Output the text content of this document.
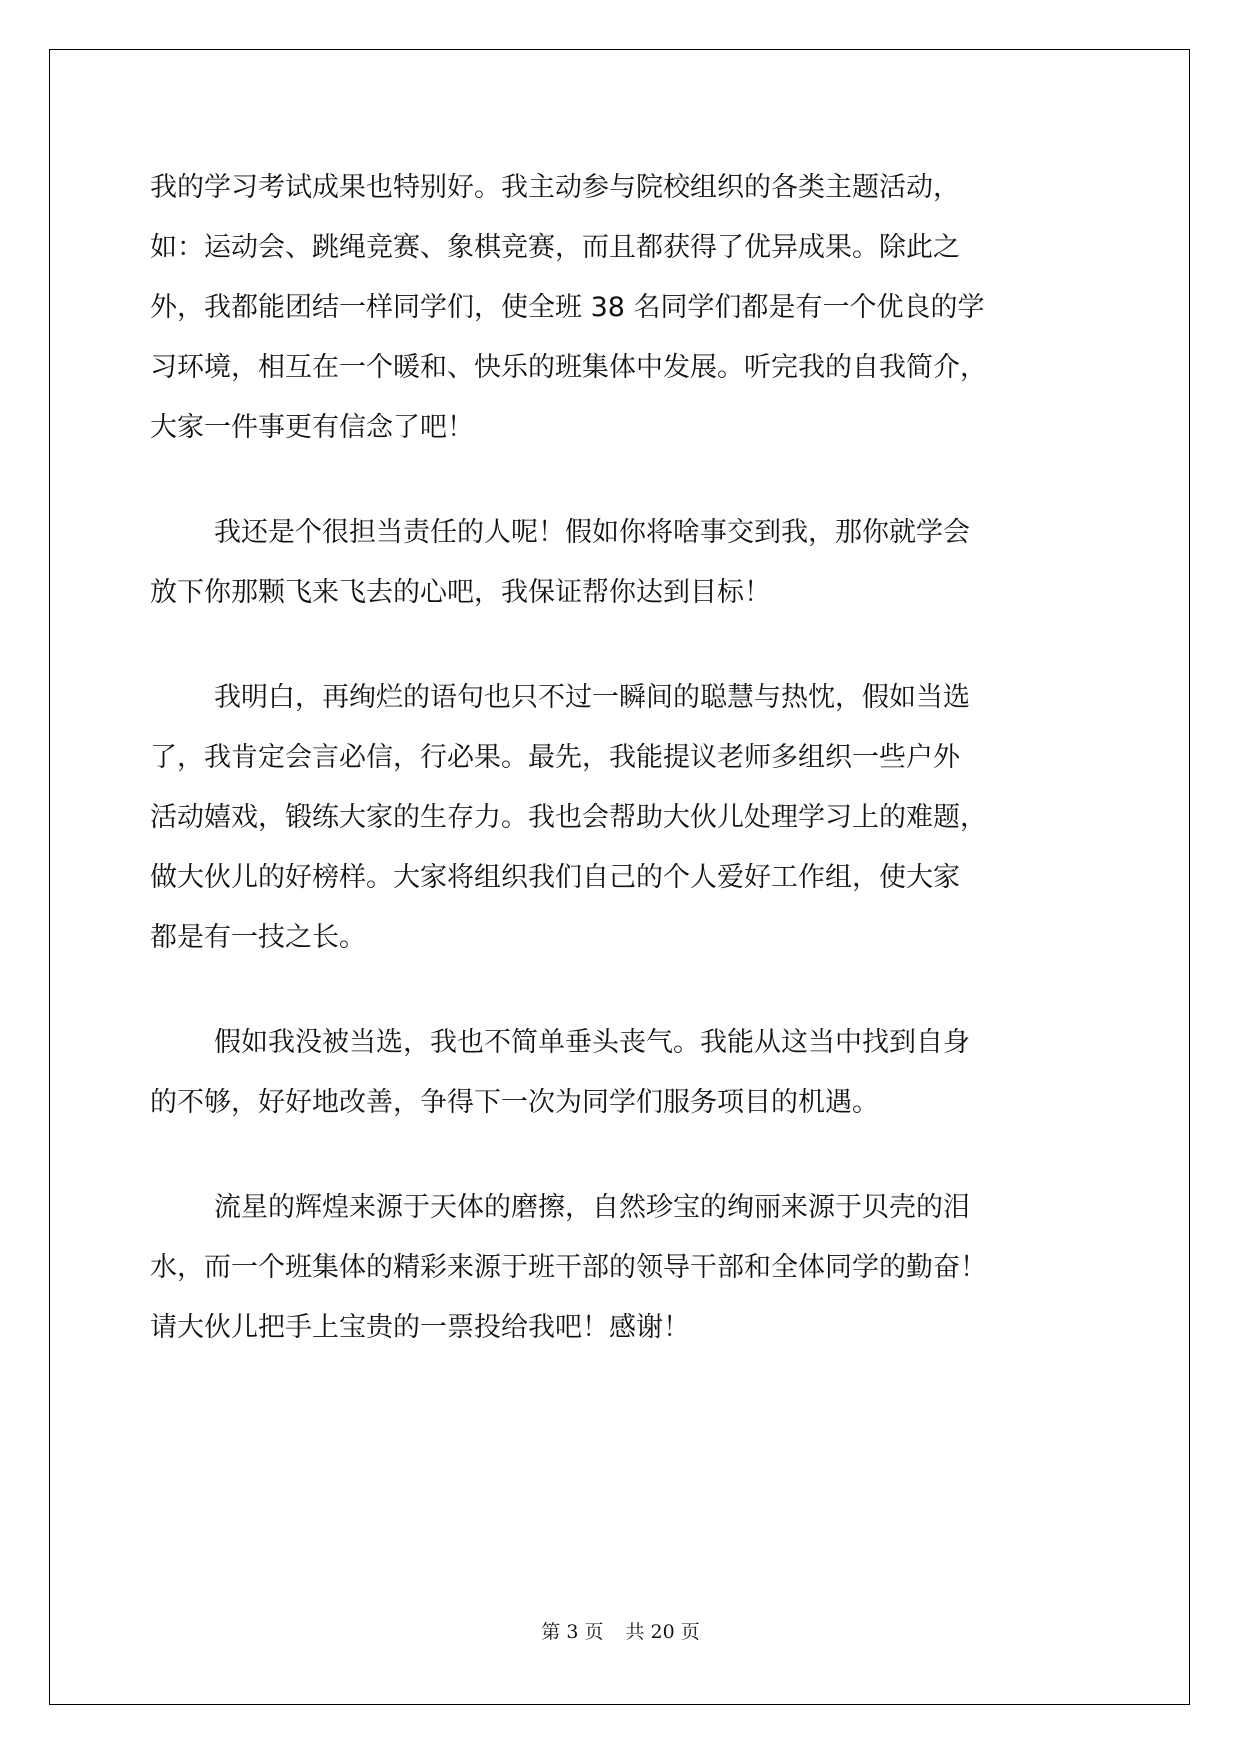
我的学习考试成果也特别好。我主动参与院校组织的各类主题活动，
如：运动会、跳绳竞赛、象棋竞赛，而且都获得了优异成果。除此之
外，我都能团结一样同学们，使全班 38 名同学们都是有一个优良的学
习环境，相互在一个暖和、快乐的班集体中发展。听完我的自我简介，
大家一件事更有信念了吧！
我还是个很担当责任的人呢！假如你将啥事交到我，那你就学会
放下你那颗飞来飞去的心吧，我保证帮你达到目标！
我明白，再绚烂的语句也只不过一瞬间的聪慧与热忱，假如当选
了，我肯定会言必信，行必果。最先，我能提议老师多组织一些户外
活动嬉戏，锻练大家的生存力。我也会帮助大伙儿处理学习上的难题，
做大伙儿的好榜样。大家将组织我们自己的个人爱好工作组，使大家
都是有一技之长。
假如我没被当选，我也不简单垂头丧气。我能从这当中找到自身
的不够，好好地改善，争得下一次为同学们服务项目的机遇。
流星的辉煌来源于天体的磨擦，自然珍宝的绚丽来源于贝壳的泪
水，而一个班集体的精彩来源于班干部的领导干部和全体同学的勤奋！
请大伙儿把手上宝贵的一票投给我吧！感谢！
第 3 页 共 20 页
